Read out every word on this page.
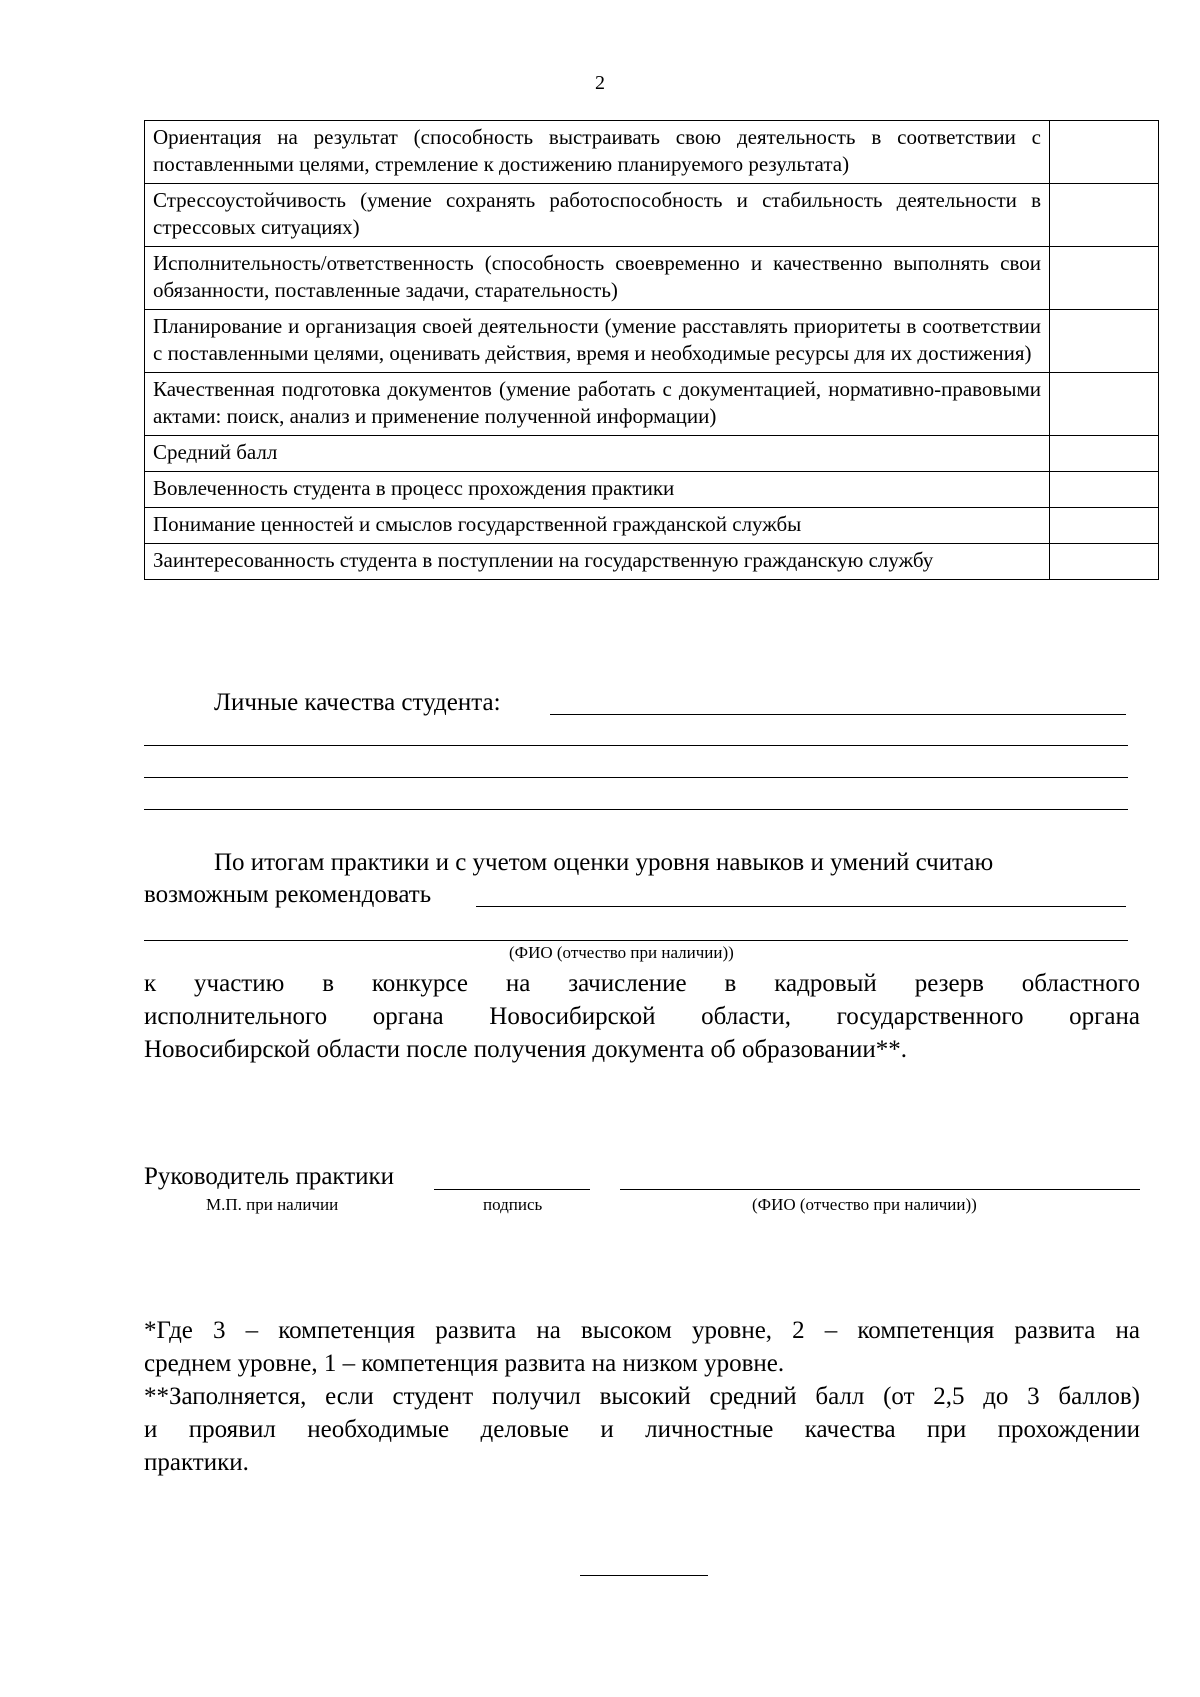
2
Ориентация на результат (способность выстраивать свою деятельность в соответствии с поставленными целями, стремление к достижению планируемого результата)	
Стрессоустойчивость (умение сохранять работоспособность и стабильность деятельности в стрессовых ситуациях)	
Исполнительность/ответственность (способность своевременно и качественно выполнять свои обязанности, поставленные задачи, старательность)	
Планирование и организация своей деятельности (умение расставлять приоритеты в соответствии с поставленными целями, оценивать действия, время и необходимые ресурсы для их достижения)	
Качественная подготовка документов (умение работать с документацией, нормативно-правовыми актами: поиск, анализ и применение полученной информации)	
Средний балл	
Вовлеченность студента в процесс прохождения практики	
Понимание ценностей и смыслов государственной гражданской службы	
Заинтересованность студента в поступлении на государственную гражданскую службу	
Личные качества студента:
По итогам практики и с учетом оценки уровня навыков и умений считаю
возможным рекомендовать
(ФИО (отчество при наличии))
к участию в конкурсе на зачисление в кадровый резерв областного
исполнительного органа Новосибирской области, государственного органа
Новосибирской области после получения документа об образовании**.
Руководитель практики
М.П. при наличии	подпись	(ФИО (отчество при наличии))
*Где 3 – компетенция развита на высоком уровне, 2 – компетенция развита на
среднем уровне, 1 – компетенция развита на низком уровне.
**Заполняется, если студент получил высокий средний балл (от 2,5 до 3 баллов)
и проявил необходимые деловые и личностные качества при прохождении
практики.
